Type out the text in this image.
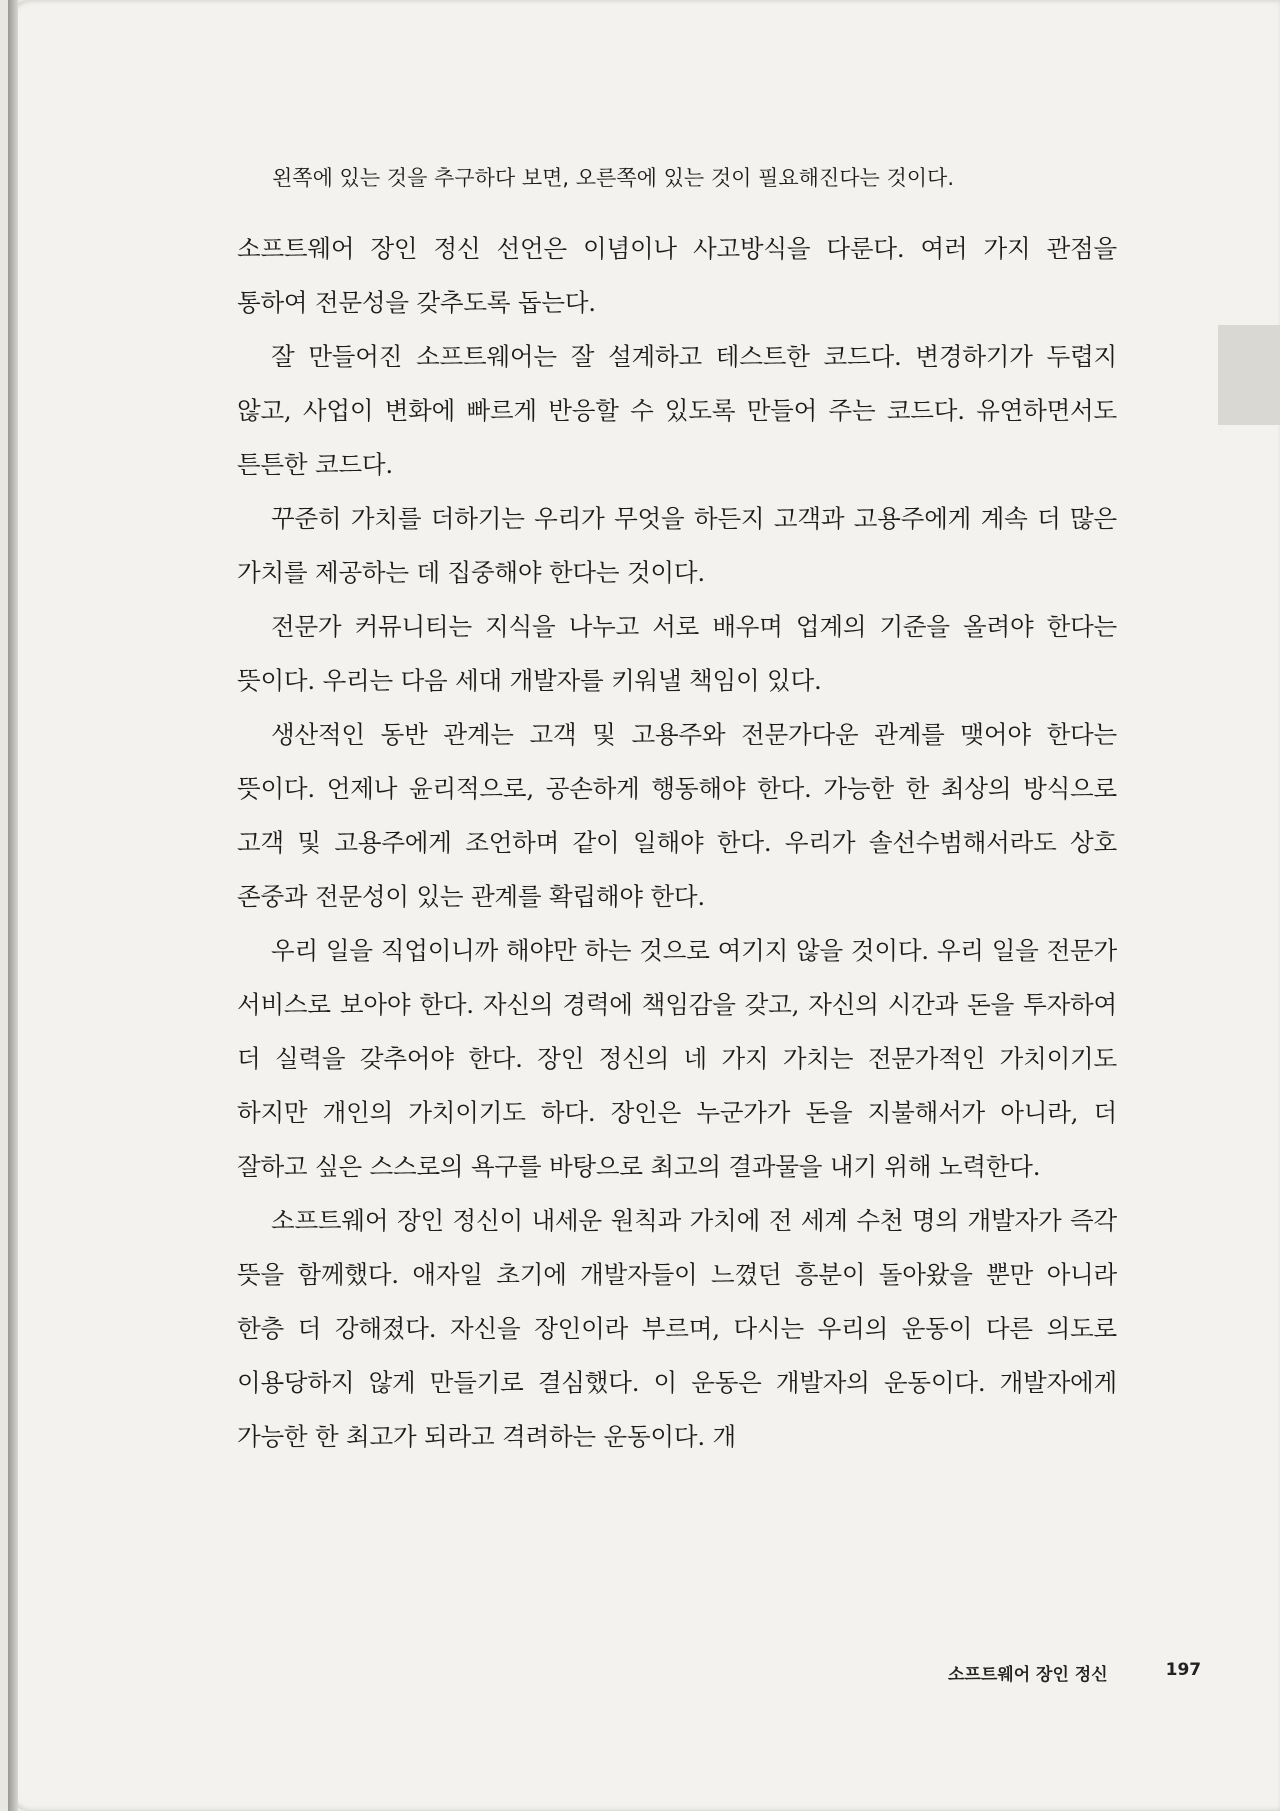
왼쪽에 있는 것을 추구하다 보면, 오른쪽에 있는 것이 필요해진다는 것이다.

소프트웨어 장인 정신 선언은 이념이나 사고방식을 다룬다. 여러 가지 관점을 통하여 전문성을 갖추도록 돕는다.

잘 만들어진 소프트웨어는 잘 설계하고 테스트한 코드다. 변경하기가 두렵지 않고, 사업이 변화에 빠르게 반응할 수 있도록 만들어 주는 코드다. 유연하면서도 튼튼한 코드다.

꾸준히 가치를 더하기는 우리가 무엇을 하든지 고객과 고용주에게 계속 더 많은 가치를 제공하는 데 집중해야 한다는 것이다.

전문가 커뮤니티는 지식을 나누고 서로 배우며 업계의 기준을 올려야 한다는 뜻이다. 우리는 다음 세대 개발자를 키워낼 책임이 있다.

생산적인 동반 관계는 고객 및 고용주와 전문가다운 관계를 맺어야 한다는 뜻이다. 언제나 윤리적으로, 공손하게 행동해야 한다. 가능한 한 최상의 방식으로 고객 및 고용주에게 조언하며 같이 일해야 한다. 우리가 솔선수범해서라도 상호 존중과 전문성이 있는 관계를 확립해야 한다.

우리 일을 직업이니까 해야만 하는 것으로 여기지 않을 것이다. 우리 일을 전문가 서비스로 보아야 한다. 자신의 경력에 책임감을 갖고, 자신의 시간과 돈을 투자하여 더 실력을 갖추어야 한다. 장인 정신의 네 가지 가치는 전문가적인 가치이기도 하지만 개인의 가치이기도 하다. 장인은 누군가가 돈을 지불해서가 아니라, 더 잘하고 싶은 스스로의 욕구를 바탕으로 최고의 결과물을 내기 위해 노력한다.

소프트웨어 장인 정신이 내세운 원칙과 가치에 전 세계 수천 명의 개발자가 즉각 뜻을 함께했다. 애자일 초기에 개발자들이 느꼈던 흥분이 돌아왔을 뿐만 아니라 한층 더 강해졌다. 자신을 장인이라 부르며, 다시는 우리의 운동이 다른 의도로 이용당하지 않게 만들기로 결심했다. 이 운동은 개발자의 운동이다. 개발자에게 가능한 한 최고가 되라고 격려하는 운동이다. 개

소프트웨어 장인 정신	197
